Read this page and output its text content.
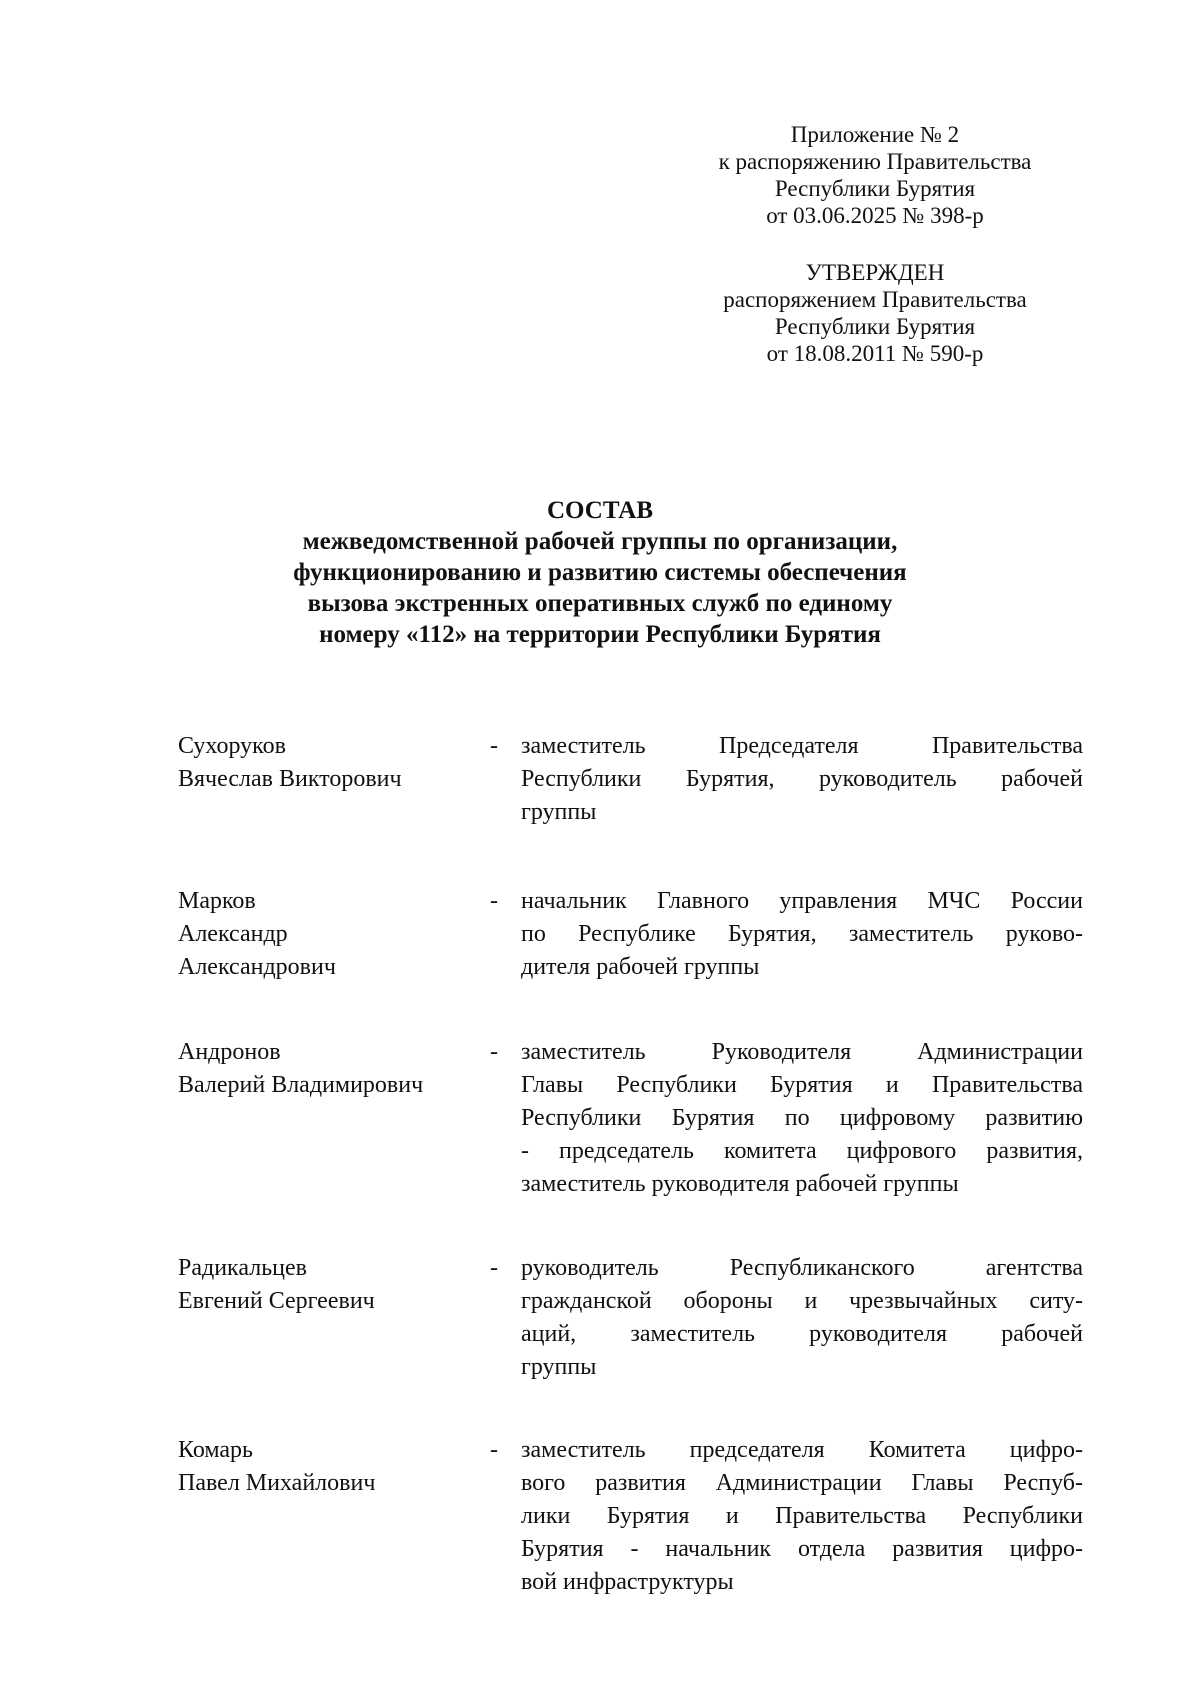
Приложение № 2
к распоряжению Правительства
Республики Бурятия
от 03.06.2025 № 398-р
УТВЕРЖДЕН
распоряжением Правительства
Республики Бурятия
от 18.08.2011 № 590-р
СОСТАВ
межведомственной рабочей группы по организации,
функционированию и развитию системы обеспечения
вызова экстренных оперативных служб по единому
номеру «112» на территории Республики Бурятия
Сухоруков
Вячеслав Викторович
- заместитель Председателя Правительства
Республики Бурятия, руководитель рабочей
группы
Марков
Александр
Александрович
- начальник Главного управления МЧС России
по Республике Бурятия, заместитель руково-
дителя рабочей группы
Андронов
Валерий Владимирович
- заместитель Руководителя Администрации
Главы Республики Бурятия и Правительства
Республики Бурятия по цифровому развитию
- председатель комитета цифрового развития,
заместитель руководителя рабочей группы
Радикальцев
Евгений Сергеевич
- руководитель Республиканского агентства
гражданской обороны и чрезвычайных ситу-
аций, заместитель руководителя рабочей
группы
Комарь
Павел Михайлович
- заместитель председателя Комитета цифро-
вого развития Администрации Главы Респуб-
лики Бурятия и Правительства Республики
Бурятия - начальник отдела развития цифро-
вой инфраструктуры
